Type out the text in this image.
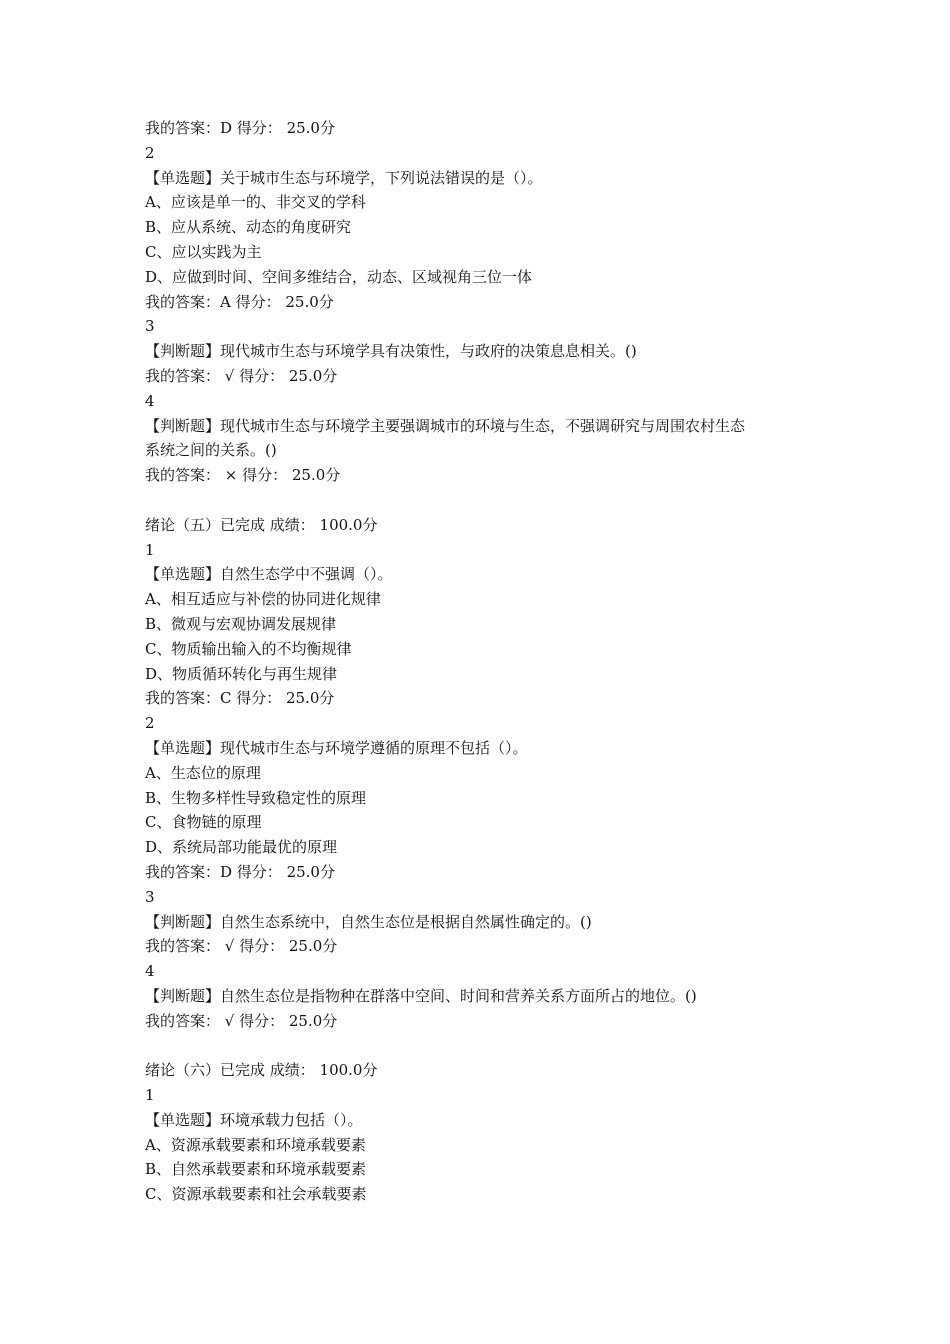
我的答案：D 得分： 25.0分
2
【单选题】关于城市生态与环境学，下列说法错误的是（）。
A、应该是单一的、非交叉的学科
B、应从系统、动态的角度研究
C、应以实践为主
D、应做到时间、空间多维结合，动态、区域视角三位一体
我的答案：A 得分： 25.0分
3
【判断题】现代城市生态与环境学具有决策性，与政府的决策息息相关。()
我的答案： √ 得分： 25.0分
4
【判断题】现代城市生态与环境学主要强调城市的环境与生态，不强调研究与周围农村生态
系统之间的关系。()
我的答案： × 得分： 25.0分
绪论（五）已完成 成绩： 100.0分
1
【单选题】自然生态学中不强调（）。
A、相互适应与补偿的协同进化规律
B、微观与宏观协调发展规律
C、物质输出输入的不均衡规律
D、物质循环转化与再生规律
我的答案：C 得分： 25.0分
2
【单选题】现代城市生态与环境学遵循的原理不包括（）。
A、生态位的原理
B、生物多样性导致稳定性的原理
C、食物链的原理
D、系统局部功能最优的原理
我的答案：D 得分： 25.0分
3
【判断题】自然生态系统中，自然生态位是根据自然属性确定的。()
我的答案： √ 得分： 25.0分
4
【判断题】自然生态位是指物种在群落中空间、时间和营养关系方面所占的地位。()
我的答案： √ 得分： 25.0分
绪论（六）已完成 成绩： 100.0分
1
【单选题】环境承载力包括（）。
A、资源承载要素和环境承载要素
B、自然承载要素和环境承载要素
C、资源承载要素和社会承载要素
